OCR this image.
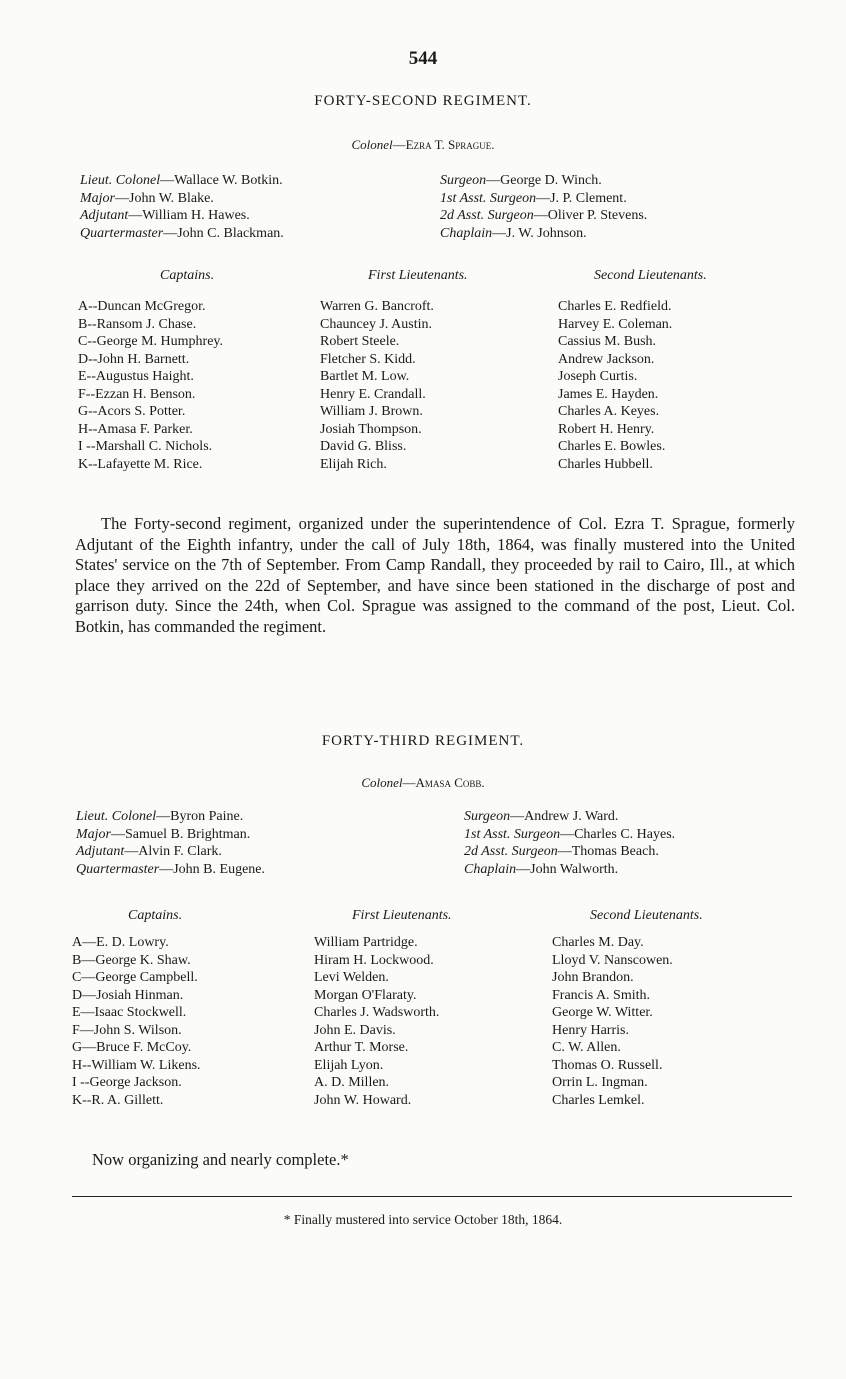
544
FORTY-SECOND REGIMENT.
Colonel—Ezra T. Sprague.
Lieut. Colonel—Wallace W. Botkin.	Surgeon—George D. Winch.
Major—John W. Blake.	1st Asst. Surgeon—J. P. Clement.
Adjutant—William H. Hawes.	2d Asst. Surgeon—Oliver P. Stevens.
Quartermaster—John C. Blackman.	Chaplain—J. W. Johnson.
Captains.	First Lieutenants.	Second Lieutenants.
A--Duncan McGregor.	Warren G. Bancroft.	Charles E. Redfield.
B--Ransom J. Chase.	Chauncey J. Austin.	Harvey E. Coleman.
C--George M. Humphrey.	Robert Steele.	Cassius M. Bush.
D--John H. Barnett.	Fletcher S. Kidd.	Andrew Jackson.
E--Augustus Haight.	Bartlet M. Low.	Joseph Curtis.
F--Ezzan H. Benson.	Henry E. Crandall.	James E. Hayden.
G--Acors S. Potter.	William J. Brown.	Charles A. Keyes.
H--Amasa F. Parker.	Josiah Thompson.	Robert H. Henry.
I --Marshall C. Nichols.	David G. Bliss.	Charles E. Bowles.
K--Lafayette M. Rice.	Elijah Rich.	Charles Hubbell.
The Forty-second regiment, organized under the superintendence of Col. Ezra T. Sprague, formerly Adjutant of the Eighth infantry, under the call of July 18th, 1864, was finally mustered into the United States' service on the 7th of September. From Camp Randall, they proceeded by rail to Cairo, Ill., at which place they arrived on the 22d of September, and have since been stationed in the discharge of post and garrison duty. Since the 24th, when Col. Sprague was assigned to the command of the post, Lieut. Col. Botkin, has commanded the regiment.
FORTY-THIRD REGIMENT.
Colonel—Amasa Cobb.
Lieut. Colonel—Byron Paine.	Surgeon—Andrew J. Ward.
Major—Samuel B. Brightman.	1st Asst. Surgeon—Charles C. Hayes.
Adjutant—Alvin F. Clark.	2d Asst. Surgeon—Thomas Beach.
Quartermaster—John B. Eugene.	Chaplain—John Walworth.
Captains.	First Lieutenants.	Second Lieutenants.
A—E. D. Lowry.	William Partridge.	Charles M. Day.
B—George K. Shaw.	Hiram H. Lockwood.	Lloyd V. Nanscowen.
C—George Campbell.	Levi Welden.	John Brandon.
D—Josiah Hinman.	Morgan O'Flaraty.	Francis A. Smith.
E—Isaac Stockwell.	Charles J. Wadsworth.	George W. Witter.
F—John S. Wilson.	John E. Davis.	Henry Harris.
G—Bruce F. McCoy.	Arthur T. Morse.	C. W. Allen.
H--William W. Likens.	Elijah Lyon.	Thomas O. Russell.
I --George Jackson.	A. D. Millen.	Orrin L. Ingman.
K--R. A. Gillett.	John W. Howard.	Charles Lemkel.
Now organizing and nearly complete.*
* Finally mustered into service October 18th, 1864.
